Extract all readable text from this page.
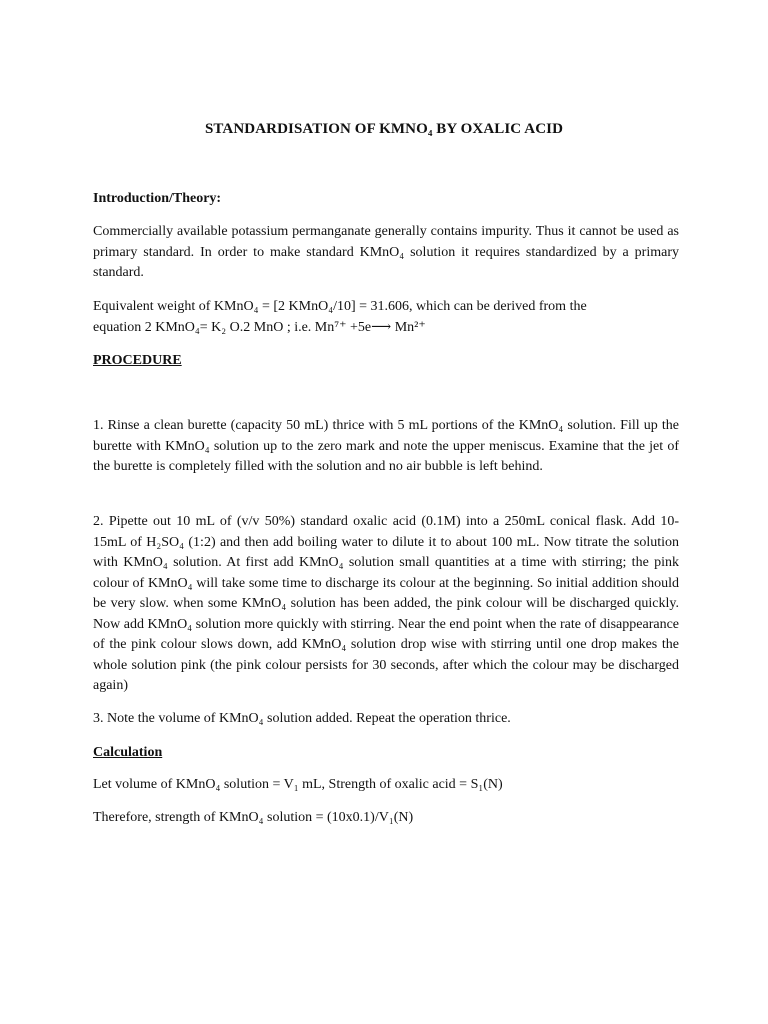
STANDARDISATION OF KMNO₄ BY OXALIC ACID
Introduction/Theory:

Commercially available potassium permanganate generally contains impurity. Thus it cannot be used as primary standard. In order to make standard KMnO₄ solution it requires standardized by a primary standard.

Equivalent weight of KMnO₄ = [2 KMnO₄/10] = 31.606, which can be derived from the

equation 2 KMnO₄= K₂ O.2 MnO ; i.e. Mn⁷⁺ +5e⟶ Mn²⁺

PROCEDURE

1. Rinse a clean burette (capacity 50 mL) thrice with 5 mL portions of the KMnO₄ solution. Fill up the burette with KMnO₄ solution up to the zero mark and note the upper meniscus. Examine that the jet of the burette is completely filled with the solution and no air bubble is left behind.

2. Pipette out 10 mL of (v/v 50%) standard oxalic acid (0.1M) into a 250mL conical flask. Add 10-15mL of H₂SO₄ (1:2) and then add boiling water to dilute it to about 100 mL. Now titrate the solution with KMnO₄ solution. At first add KMnO₄ solution small quantities at a time with stirring; the pink colour of KMnO₄ will take some time to discharge its colour at the beginning. So initial addition should be very slow. when some KMnO₄ solution has been added, the pink colour will be discharged quickly. Now add KMnO₄ solution more quickly with stirring. Near the end point when the rate of disappearance of the pink colour slows down, add KMnO₄ solution drop wise with stirring until one drop makes the whole solution pink (the pink colour persists for 30 seconds, after which the colour may be discharged again)

3. Note the volume of KMnO₄ solution added. Repeat the operation thrice.

Calculation

Let volume of KMnO₄ solution = V₁ mL, Strength of oxalic acid = S₁(N)

Therefore, strength of KMnO₄ solution = (10x0.1)/V₁(N)
